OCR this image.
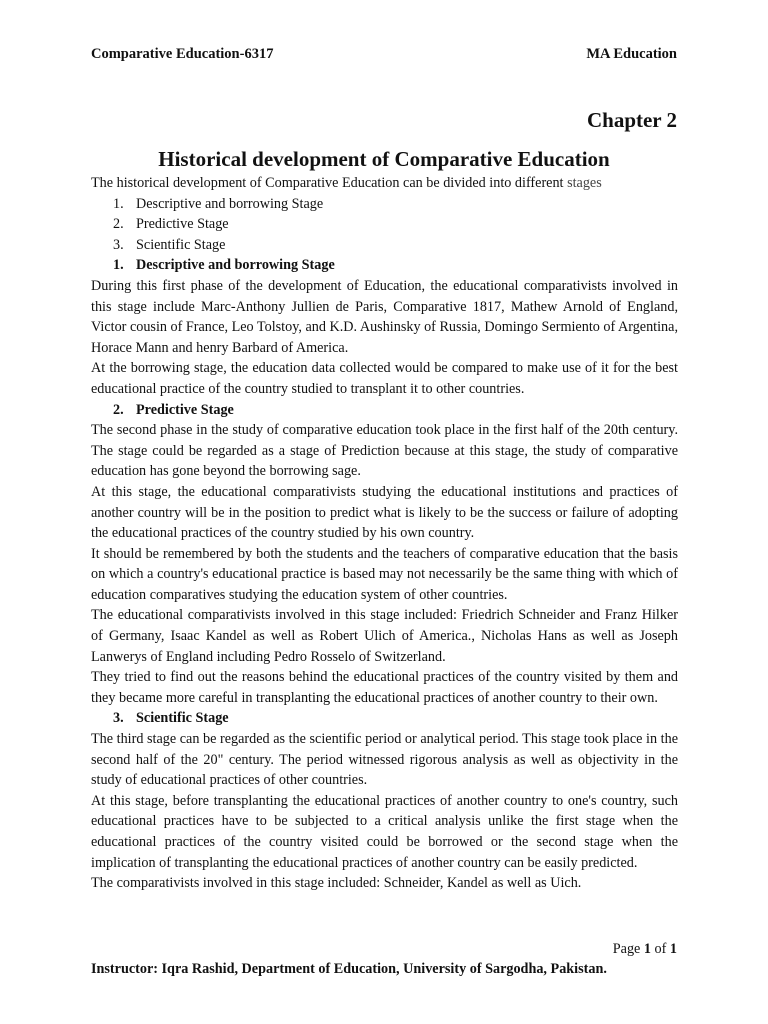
Comparative Education-6317	MA Education
Chapter 2
Historical development of Comparative Education

The historical development of Comparative Education can be divided into different stages

1. Descriptive and borrowing Stage
2. Predictive Stage
3. Scientific Stage
1. Descriptive and borrowing Stage

During this first phase of the development of Education, the educational comparativists involved in this stage include Marc-Anthony Jullien de Paris, Comparative 1817, Mathew Arnold of England, Victor cousin of France, Leo Tolstoy, and K.D. Aushinsky of Russia, Domingo Sermiento of Argentina, Horace Mann and henry Barbard of America.

At the borrowing stage, the education data collected would be compared to make use of it for the best educational practice of the country studied to transplant it to other countries.

2. Predictive Stage

The second phase in the study of comparative education took place in the first half of the 20th century. The stage could be regarded as a stage of Prediction because at this stage, the study of comparative education has gone beyond the borrowing sage.

At this stage, the educational comparativists studying the educational institutions and practices of another country will be in the position to predict what is likely to be the success or failure of adopting the educational practices of the country studied by his own country.

It should be remembered by both the students and the teachers of comparative education that the basis on which a country's educational practice is based may not necessarily be the same thing with which of education comparatives studying the education system of other countries.

The educational comparativists involved in this stage included: Friedrich Schneider and Franz Hilker of Germany, Isaac Kandel as well as Robert Ulich of America., Nicholas Hans as well as Joseph Lanwerys of England including Pedro Rosselo of Switzerland.

They tried to find out the reasons behind the educational practices of the country visited by them and they became more careful in transplanting the educational practices of another country to their own.

3. Scientific Stage

The third stage can be regarded as the scientific period or analytical period. This stage took place in the second half of the 20" century. The period witnessed rigorous analysis as well as objectivity in the study of educational practices of other countries.

At this stage, before transplanting the educational practices of another country to one's country, such educational practices have to be subjected to a critical analysis unlike the first stage when the educational practices of the country visited could be borrowed or the second stage when the implication of transplanting the educational practices of another country can be easily predicted.

The comparativists involved in this stage included: Schneider, Kandel as well as Uich.

Page 1 of 1
Instructor: Iqra Rashid, Department of Education, University of Sargodha, Pakistan.
